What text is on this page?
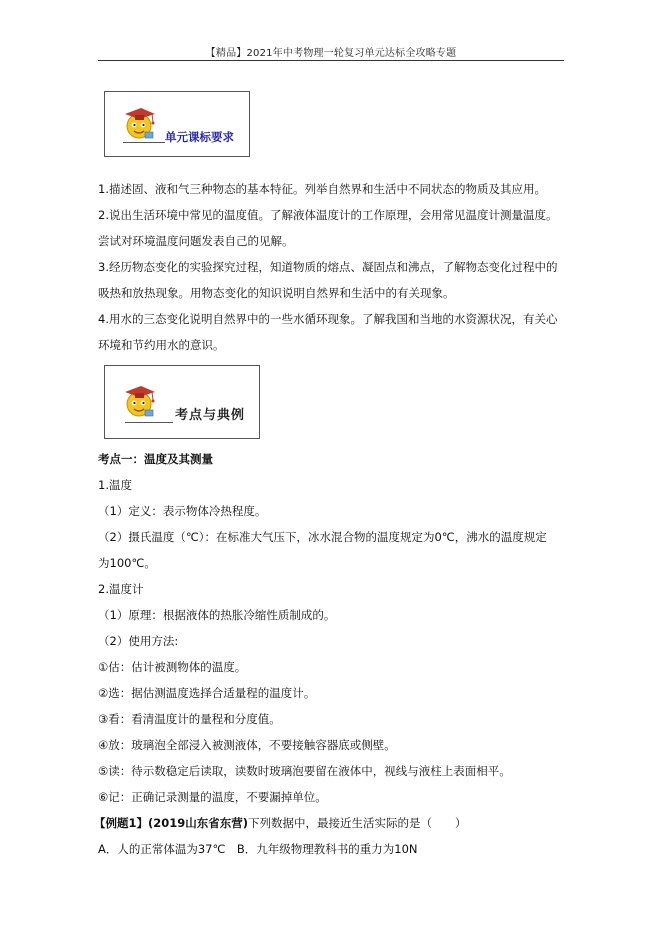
【精品】2021年中考物理一轮复习单元达标全攻略专题
单元课标要求
1.描述固、液和气三种物态的基本特征。列举自然界和生活中不同状态的物质及其应用。
2.说出生活环境中常见的温度值。了解液体温度计的工作原理，会用常见温度计测量温度。
尝试对环境温度问题发表自己的见解。
3.经历物态变化的实验探究过程，知道物质的熔点、凝固点和沸点，了解物态变化过程中的
吸热和放热现象。用物态变化的知识说明自然界和生活中的有关现象。
4.用水的三态变化说明自然界中的一些水循环现象。了解我国和当地的水资源状况，有关心
环境和节约用水的意识。
考点与典例
考点一：温度及其测量
1.温度
（1）定义：表示物体冷热程度。
（2）摄氏温度（℃）：在标准大气压下，冰水混合物的温度规定为0℃，沸水的温度规定
为100℃。
2.温度计
（1）原理：根据液体的热胀冷缩性质制成的。
（2）使用方法:
①估：估计被测物体的温度。
②选：据估测温度选择合适量程的温度计。
③看：看清温度计的量程和分度值。
④放：玻璃泡全部浸入被测液体，不要接触容器底或侧壁。
⑤读：待示数稳定后读取，读数时玻璃泡要留在液体中，视线与液柱上表面相平。
⑥记：正确记录测量的温度，不要漏掉单位。
【例题1】(2019山东省东营)下列数据中，最接近生活实际的是（　　）
A．人的正常体温为37℃　B．九年级物理教科书的重力为10N
